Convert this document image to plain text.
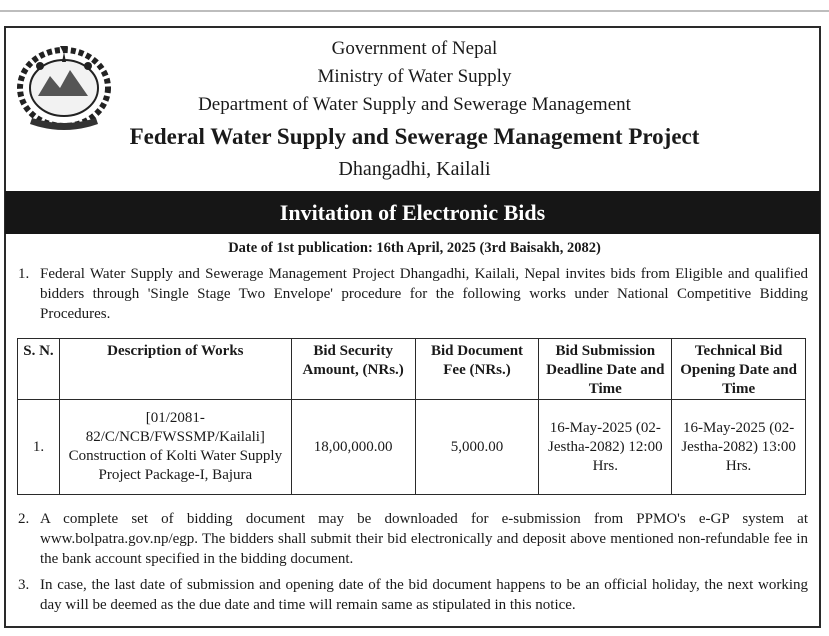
Government of Nepal
Ministry of Water Supply
Department of Water Supply and Sewerage Management
Federal Water Supply and Sewerage Management Project
Dhangadhi, Kailali
Invitation of Electronic Bids
Date of 1st publication: 16th April, 2025 (3rd Baisakh, 2082)
1. Federal Water Supply and Sewerage Management Project Dhangadhi, Kailali, Nepal invites bids from Eligible and qualified bidders through 'Single Stage Two Envelope' procedure for the following works under National Competitive Bidding Procedures.
S. N.	Description of Works	Bid Security Amount, (NRs.)	Bid Document Fee (NRs.)	Bid Submission Deadline Date and Time	Technical Bid Opening Date and Time
1.	[01/2081-82/C/NCB/FWSSMP/Kailali] Construction of Kolti Water Supply Project Package-I, Bajura	18,00,000.00	5,000.00	16-May-2025 (02-Jestha-2082) 12:00 Hrs.	16-May-2025 (02-Jestha-2082) 13:00 Hrs.
2. A complete set of bidding document may be downloaded for e-submission from PPMO's e-GP system at www.bolpatra.gov.np/egp. The bidders shall submit their bid electronically and deposit above mentioned non-refundable fee in the bank account specified in the bidding document.
3. In case, the last date of submission and opening date of the bid document happens to be an official holiday, the next working day will be deemed as the due date and time will remain same as stipulated in this notice.
